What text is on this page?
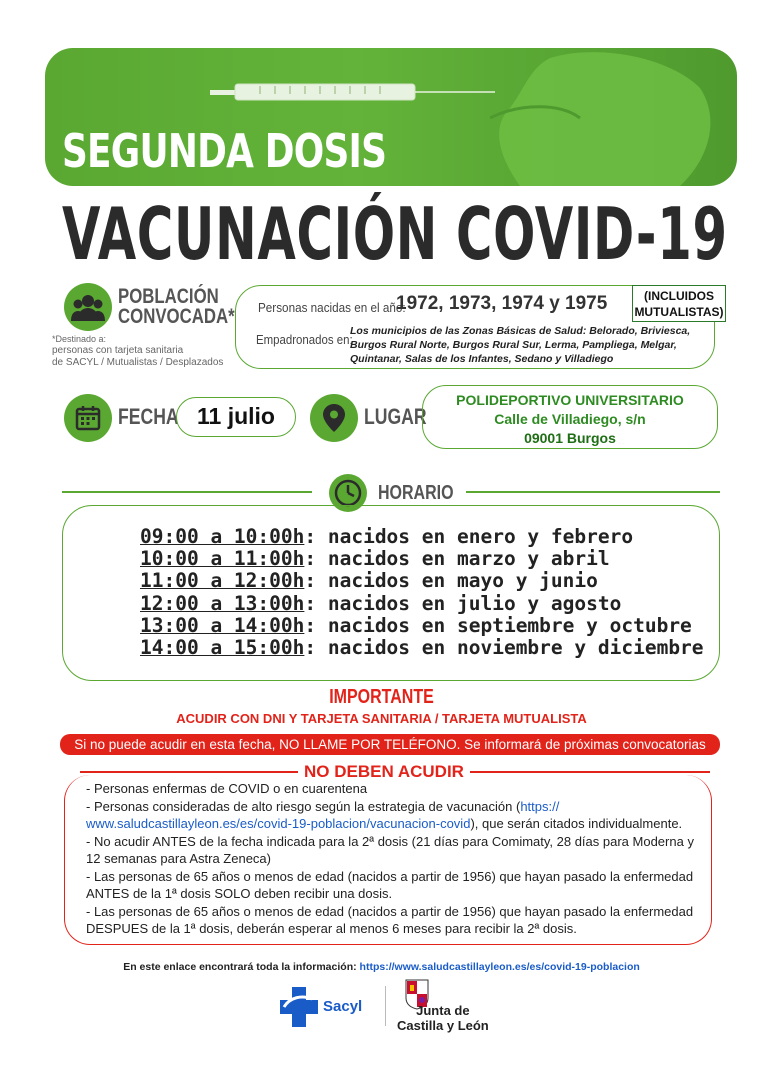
SEGUNDA DOSIS
VACUNACIÓN COVID-19
POBLACIÓN
CONVOCADA*
*Destinado a:
personas con tarjeta sanitaria
de SACYL / Mutualistas / Desplazados
Personas nacidas en el año:
1972, 1973, 1974 y 1975	(INCLUIDOS
MUTUALISTAS)
Empadronados en:
Los municipios de las Zonas Básicas de Salud: Belorado, Briviesca, Burgos Rural Norte, Burgos Rural Sur, Lerma, Pampliega, Melgar, Quintanar, Salas de los Infantes, Sedano y Villadiego
FECHA 11 julio	LUGAR
POLIDEPORTIVO UNIVERSITARIO
Calle de Villadiego, s/n
09001 Burgos
HORARIO
09:00 a 10:00h: nacidos en enero y febrero
10:00 a 11:00h: nacidos en marzo y abril
11:00 a 12:00h: nacidos en mayo y junio
12:00 a 13:00h: nacidos en julio y agosto
13:00 a 14:00h: nacidos en septiembre y octubre
14:00 a 15:00h: nacidos en noviembre y diciembre
IMPORTANTE
ACUDIR CON DNI Y TARJETA SANITARIA / TARJETA MUTUALISTA
Si no puede acudir en esta fecha, NO LLAME POR TELÉFONO. Se informará de próximas convocatorias
NO DEBEN ACUDIR
- Personas enfermas de COVID o en cuarentena
- Personas consideradas de alto riesgo según la estrategia de vacunación (https:// www.saludcastillayleon.es/es/covid-19-poblacion/vacunacion-covid), que serán citados individualmente.
- No acudir ANTES de la fecha indicada para la 2ª dosis (21 días para Comimaty, 28 días para Moderna y 12 semanas para Astra Zeneca)
- Las personas de 65 años o menos de edad (nacidos a partir de 1956) que hayan pasado la enfermedad ANTES de la 1ª dosis SOLO deben recibir una dosis.
- Las personas de 65 años o menos de edad (nacidos a partir de 1956) que hayan pasado la enfermedad DESPUES de la 1ª dosis, deberán esperar al menos 6 meses para recibir la 2ª dosis.
En este enlace encontrará toda la información: https://www.saludcastillayleon.es/es/covid-19-poblacion
Sacyl	Junta de
Castilla y León
